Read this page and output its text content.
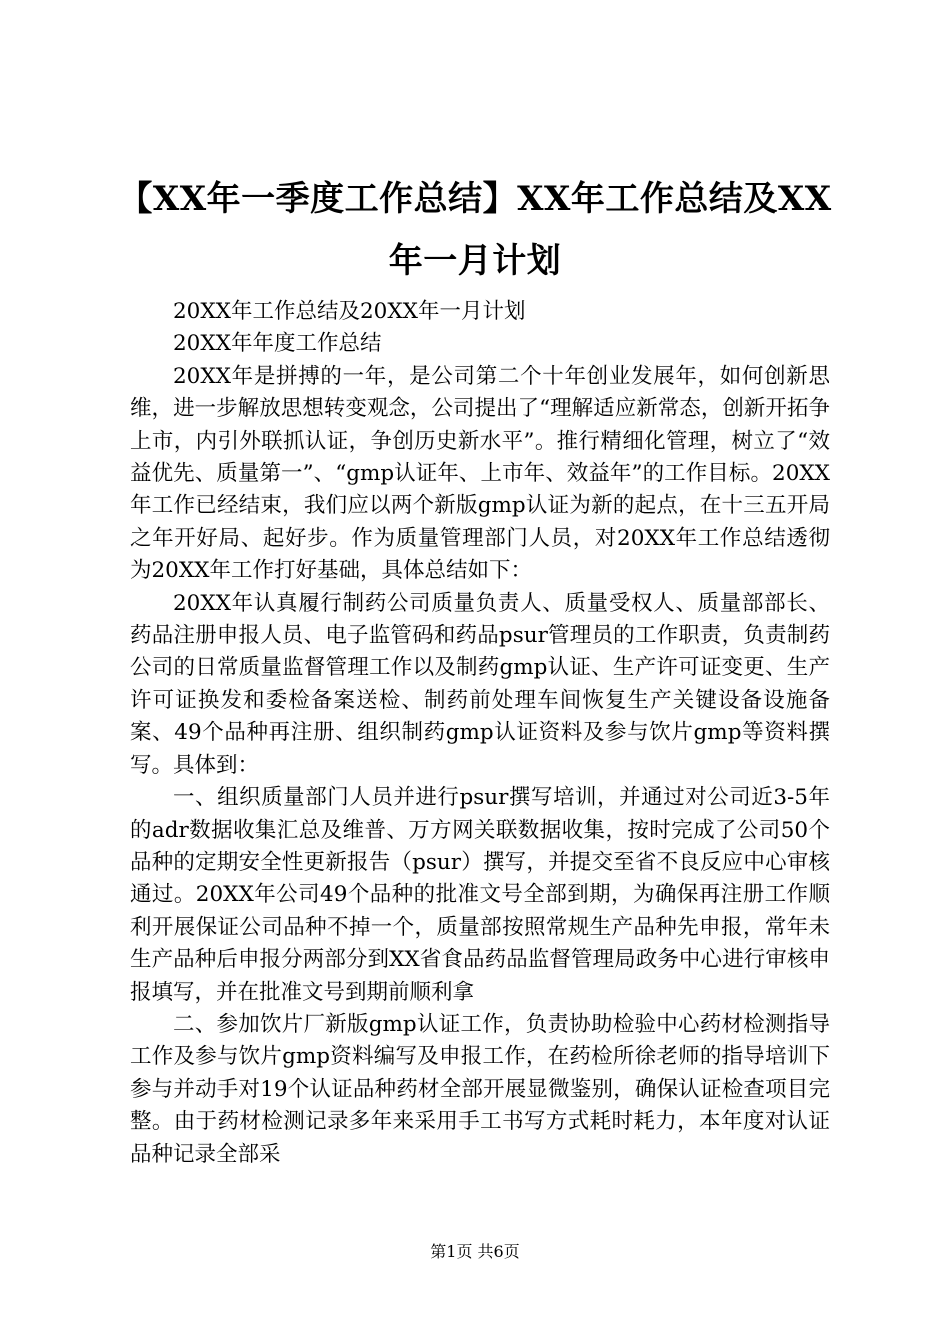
【XX年一季度工作总结】XX年工作总结及XX年一月计划

20XX年工作总结及20XX年一月计划

20XX年年度工作总结

20XX年是拼搏的一年，是公司第二个十年创业发展年，如何创新思维，进一步解放思想转变观念，公司提出了“理解适应新常态，创新开拓争上市，内引外联抓认证，争创历史新水平”。推行精细化管理，树立了“效益优先、质量第一”、“gmp认证年、上市年、效益年”的工作目标。20XX年工作已经结束，我们应以两个新版gmp认证为新的起点，在十三五开局之年开好局、起好步。作为质量管理部门人员，对20XX年工作总结透彻为20XX年工作打好基础，具体总结如下：

20XX年认真履行制药公司质量负责人、质量受权人、质量部部长、药品注册申报人员、电子监管码和药品psur管理员的工作职责，负责制药公司的日常质量监督管理工作以及制药gmp认证、生产许可证变更、生产许可证换发和委检备案送检、制药前处理车间恢复生产关键设备设施备案、49个品种再注册、组织制药gmp认证资料及参与饮片gmp等资料撰写。具体到：

一、组织质量部门人员并进行psur撰写培训，并通过对公司近3-5年的adr数据收集汇总及维普、万方网关联数据收集，按时完成了公司50个品种的定期安全性更新报告（psur）撰写，并提交至省不良反应中心审核通过。20XX年公司49个品种的批准文号全部到期，为确保再注册工作顺利开展保证公司品种不掉一个，质量部按照常规生产品种先申报，常年未生产品种后申报分两部分到XX省食品药品监督管理局政务中心进行审核申报填写，并在批准文号到期前顺利拿

二、参加饮片厂新版gmp认证工作，负责协助检验中心药材检测指导工作及参与饮片gmp资料编写及申报工作，在药检所徐老师的指导培训下参与并动手对19个认证品种药材全部开展显微鉴别，确保认证检查项目完整。由于药材检测记录多年来采用手工书写方式耗时耗力，本年度对认证品种记录全部采

第1页 共6页
